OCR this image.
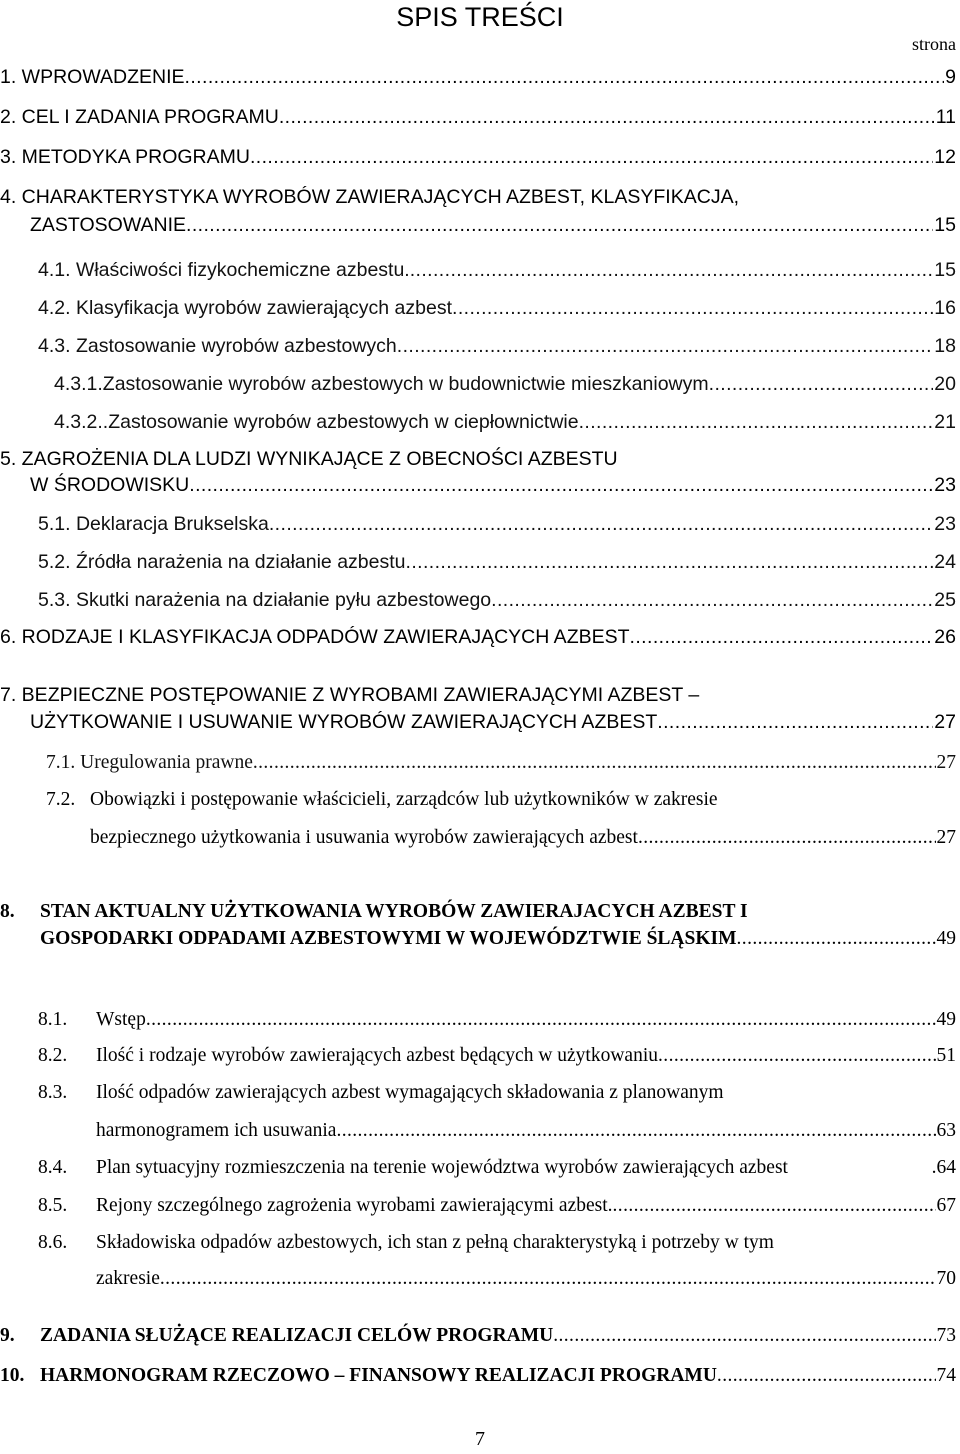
SPIS TREŚCI
strona
1. WPROWADZENIE .....	9
2. CEL I ZADANIA PROGRAMU .....	11
3. METODYKA PROGRAMU .....	12
4. CHARAKTERYSTYKA WYROBÓW ZAWIERAJĄCYCH AZBEST, KLASYFIKACJA,
ZASTOSOWANIE .....	15
4.1. Właściwości fizykochemiczne azbestu. .....	15
4.2. Klasyfikacja wyrobów zawierających azbest .....	16
4.3. Zastosowanie wyrobów azbestowych .....	18
4.3.1.Zastosowanie wyrobów azbestowych w budownictwie mieszkaniowym .....	20
4.3.2..Zastosowanie wyrobów azbestowych w ciepłownictwie .....	21
5. ZAGROŻENIA DLA LUDZI WYNIKAJĄCE Z OBECNOŚCI AZBESTU
W ŚRODOWISKU .....	23
5.1. Deklaracja Brukselska .....	23
5.2. Źródła narażenia na działanie azbestu .....	24
5.3. Skutki narażenia na działanie pyłu azbestowego .....	25
6. RODZAJE I KLASYFIKACJA ODPADÓW ZAWIERAJĄCYCH AZBEST .....	26
7. BEZPIECZNE POSTĘPOWANIE Z WYROBAMI ZAWIERAJĄCYMI AZBEST –
UŻYTKOWANIE I USUWANIE WYROBÓW ZAWIERAJĄCYCH AZBEST .....	27
7.1. Uregulowania prawne .....	27
7.2. Obowiązki i postępowanie właścicieli, zarządców lub użytkowników w zakresie
bezpiecznego użytkowania i usuwania wyrobów zawierających azbest .....	27
8. STAN AKTUALNY UŻYTKOWANIA WYROBÓW ZAWIERAJACYCH AZBEST I
GOSPODARKI ODPADAMI AZBESTOWYMI W WOJEWÓDZTWIE ŚLĄSKIM .....	49
8.1. Wstęp .....	49
8.2. Ilość i rodzaje wyrobów zawierających azbest będących w użytkowaniu .....	51
8.3. Ilość odpadów zawierających azbest wymagających składowania z planowanym
harmonogramem ich usuwania .....	63
8.4. Plan sytuacyjny rozmieszczenia na terenie województwa wyrobów zawierających azbest	.64
8.5. Rejony szczególnego zagrożenia wyrobami zawierającymi azbest. .....	67
8.6. Składowiska odpadów azbestowych, ich stan z pełną charakterystyką i potrzeby w tym
zakresie .....	70
9. ZADANIA SŁUŻĄCE REALIZACJI CELÓW PROGRAMU .....	73
10. HARMONOGRAM RZECZOWO – FINANSOWY REALIZACJI PROGRAMU .....	74
7
